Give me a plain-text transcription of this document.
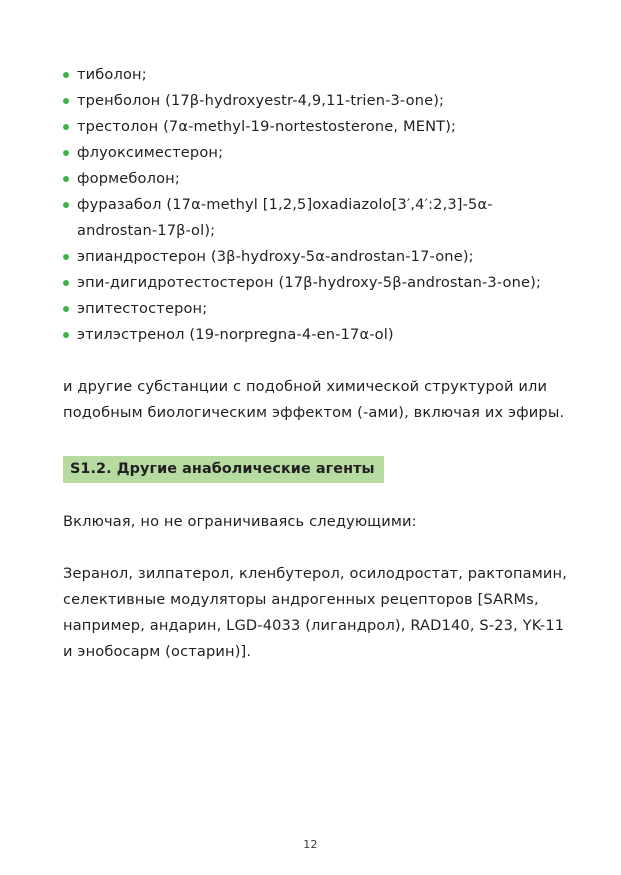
тиболон;
тренболон (17β-hydroxyestr-4,9,11-trien-3-one);
трестолон (7α-methyl-19-nortestosterone, MENT);
флуоксиместерон;
формеболон;
фуразабол (17α-methyl [1,2,5]oxadiazolo[3′,4′:2,3]-5α-androstan-17β-ol);
эпиандростерон (3β-hydroxy-5α-androstan-17-one);
эпи-дигидротестостерон (17β-hydroxy-5β-androstan-3-one);
эпитестостерон;
этилэстренол (19-norpregna-4-en-17α-ol)

и другие субстанции с подобной химической структурой или подобным биологическим эффектом (-ами), включая их эфиры.

S1.2. Другие анаболические агенты

Включая, но не ограничиваясь следующими:

Зеранол, зилпатерол, кленбутерол, осилодростат, рактопамин, селективные модуляторы андрогенных рецепторов [SARMs, например, андарин, LGD-4033 (лигандрол), RAD140, S-23, YK-11 и энобосарм (остарин)].

12
